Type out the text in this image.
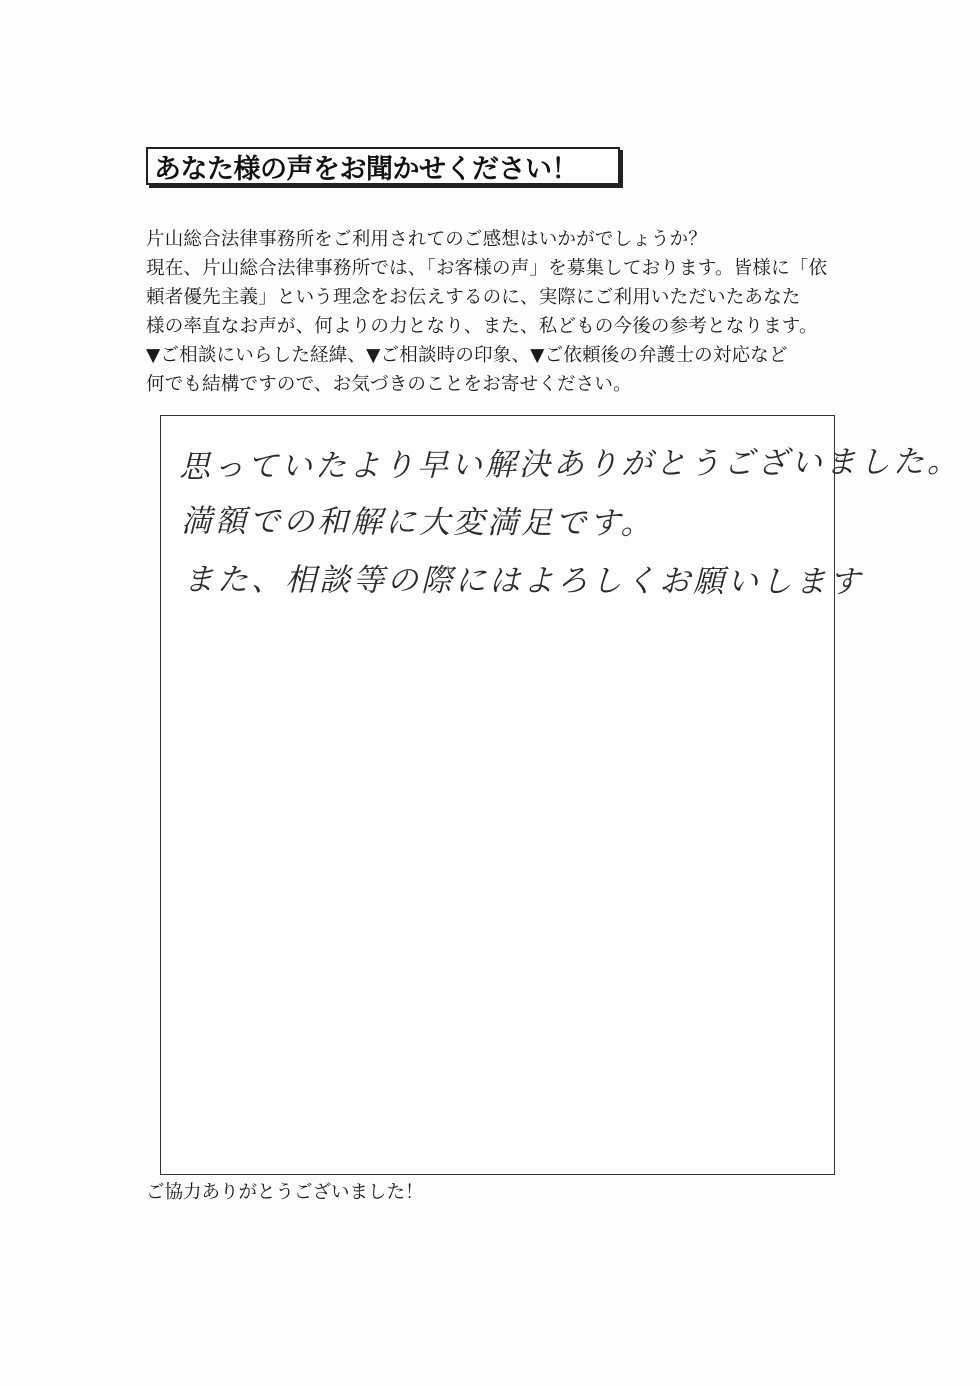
あなた様の声をお聞かせください！
片山総合法律事務所をご利用されてのご感想はいかがでしょうか？
現在、片山総合法律事務所では、「お客様の声」を募集しております。皆様に「依
頼者優先主義」という理念をお伝えするのに、実際にご利用いただいたあなた
様の率直なお声が、何よりの力となり、また、私どもの今後の参考となります。
▼ご相談にいらした経緯、▼ご相談時の印象、▼ご依頼後の弁護士の対応など
何でも結構ですので、お気づきのことをお寄せください。
思っていたより早い解決ありがとうございました。
満額での和解に大変満足です。
また、相談等の際にはよろしくお願いします
ご協力ありがとうございました！
